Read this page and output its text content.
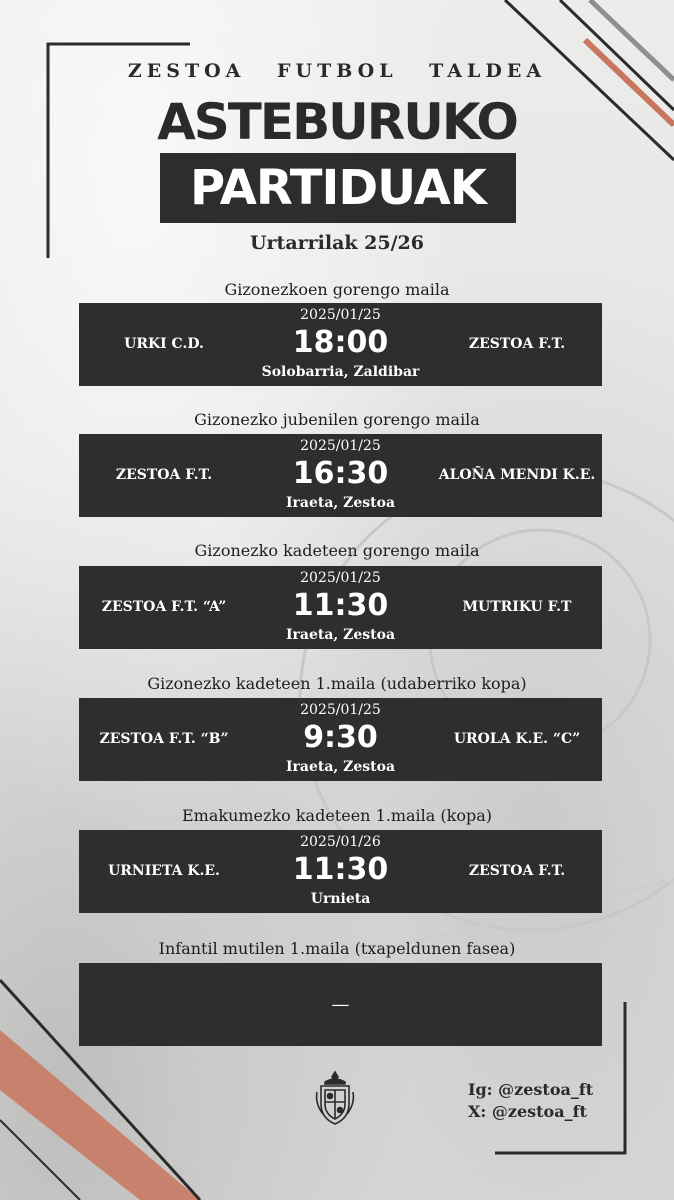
ZESTOA FUTBOL TALDEA
ASTEBURUKO
PARTIDUAK
Urtarrilak 25/26
Gizonezkoen gorengo maila
URKI C.D.
2025/01/25
18:00
Solobarria, Zaldibar
ZESTOA F.T.
Gizonezko jubenilen gorengo maila
ZESTOA F.T.
2025/01/25
16:30
Iraeta, Zestoa
ALOÑA MENDI K.E.
Gizonezko kadeteen gorengo maila
ZESTOA F.T. “A”
2025/01/25
11:30
Iraeta, Zestoa
MUTRIKU F.T
Gizonezko kadeteen 1.maila (udaberriko kopa)
ZESTOA F.T. “B”
2025/01/25
9:30
Iraeta, Zestoa
UROLA K.E. “C”
Emakumezko kadeteen 1.maila (kopa)
URNIETA K.E.
2025/01/26
11:30
Urnieta
ZESTOA F.T.
Infantil mutilen 1.maila (txapeldunen fasea)
—
Ig: @zestoa_ft
X: @zestoa_ft
